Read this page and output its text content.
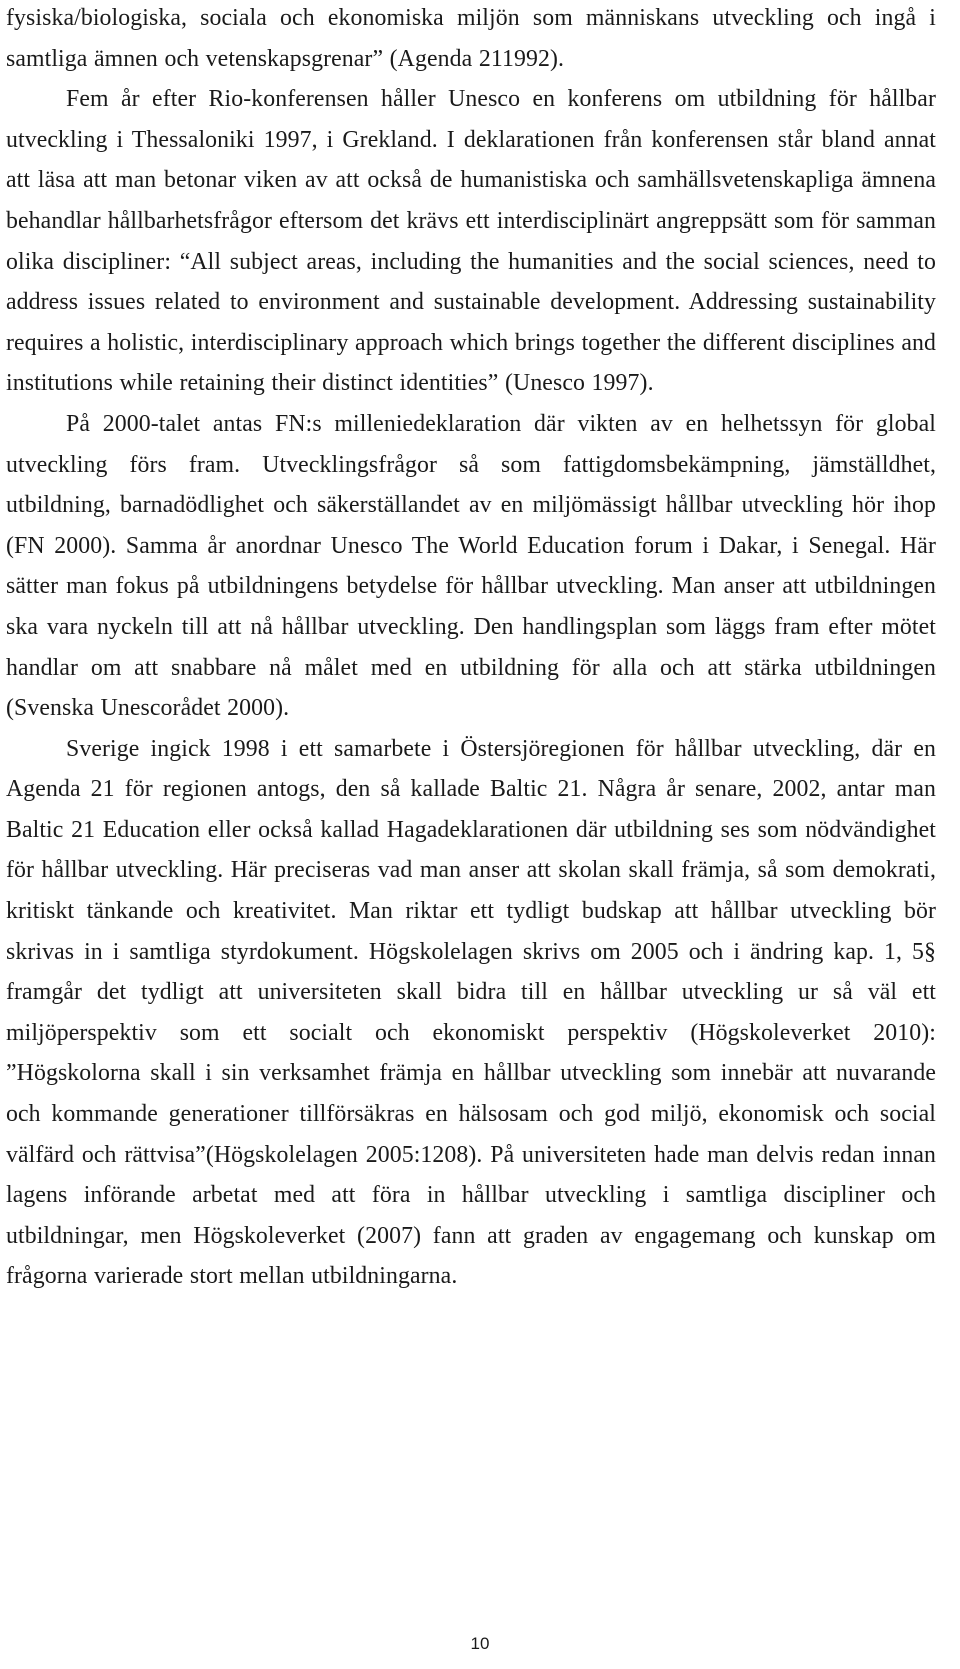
fysiska/biologiska, sociala och ekonomiska miljön som människans utveckling och ingå i samtliga ämnen och vetenskapsgrenar” (Agenda 211992).

Fem år efter Rio-konferensen håller Unesco en konferens om utbildning för hållbar utveckling i Thessaloniki 1997, i Grekland. I deklarationen från konferensen står bland annat att läsa att man betonar viken av att också de humanistiska och samhällsvetenskapliga ämnena behandlar hållbarhetsfrågor eftersom det krävs ett interdisciplinärt angreppsätt som för samman olika discipliner: “All subject areas, including the humanities and the social sciences, need to address issues related to environment and sustainable development. Addressing sustainability requires a holistic, interdisciplinary approach which brings together the different disciplines and institutions while retaining their distinct identities” (Unesco 1997).

På 2000-talet antas FN:s milleniedeklaration där vikten av en helhetssyn för global utveckling förs fram. Utvecklingsfrågor så som fattigdomsbekämpning, jämställdhet, utbildning, barnadödlighet och säkerställandet av en miljömässigt hållbar utveckling hör ihop (FN 2000). Samma år anordnar Unesco The World Education forum i Dakar, i Senegal. Här sätter man fokus på utbildningens betydelse för hållbar utveckling. Man anser att utbildningen ska vara nyckeln till att nå hållbar utveckling. Den handlingsplan som läggs fram efter mötet handlar om att snabbare nå målet med en utbildning för alla och att stärka utbildningen (Svenska Unescorådet 2000).

Sverige ingick 1998 i ett samarbete i Östersjöregionen för hållbar utveckling, där en Agenda 21 för regionen antogs, den så kallade Baltic 21. Några år senare, 2002, antar man Baltic 21 Education eller också kallad Hagadeklarationen där utbildning ses som nödvändighet för hållbar utveckling. Här preciseras vad man anser att skolan skall främja, så som demokrati, kritiskt tänkande och kreativitet. Man riktar ett tydligt budskap att hållbar utveckling bör skrivas in i samtliga styrdokument. Högskolelagen skrivs om 2005 och i ändring kap. 1, 5§ framgår det tydligt att universiteten skall bidra till en hållbar utveckling ur så väl ett miljöperspektiv som ett socialt och ekonomiskt perspektiv (Högskoleverket 2010): ”Högskolorna skall i sin verksamhet främja en hållbar utveckling som innebär att nuvarande och kommande generationer tillförsäkras en hälsosam och god miljö, ekonomisk och social välfärd och rättvisa”(Högskolelagen 2005:1208). På universiteten hade man delvis redan innan lagens införande arbetat med att föra in hållbar utveckling i samtliga discipliner och utbildningar, men Högskoleverket (2007) fann att graden av engagemang och kunskap om frågorna varierade stort mellan utbildningarna.

10
